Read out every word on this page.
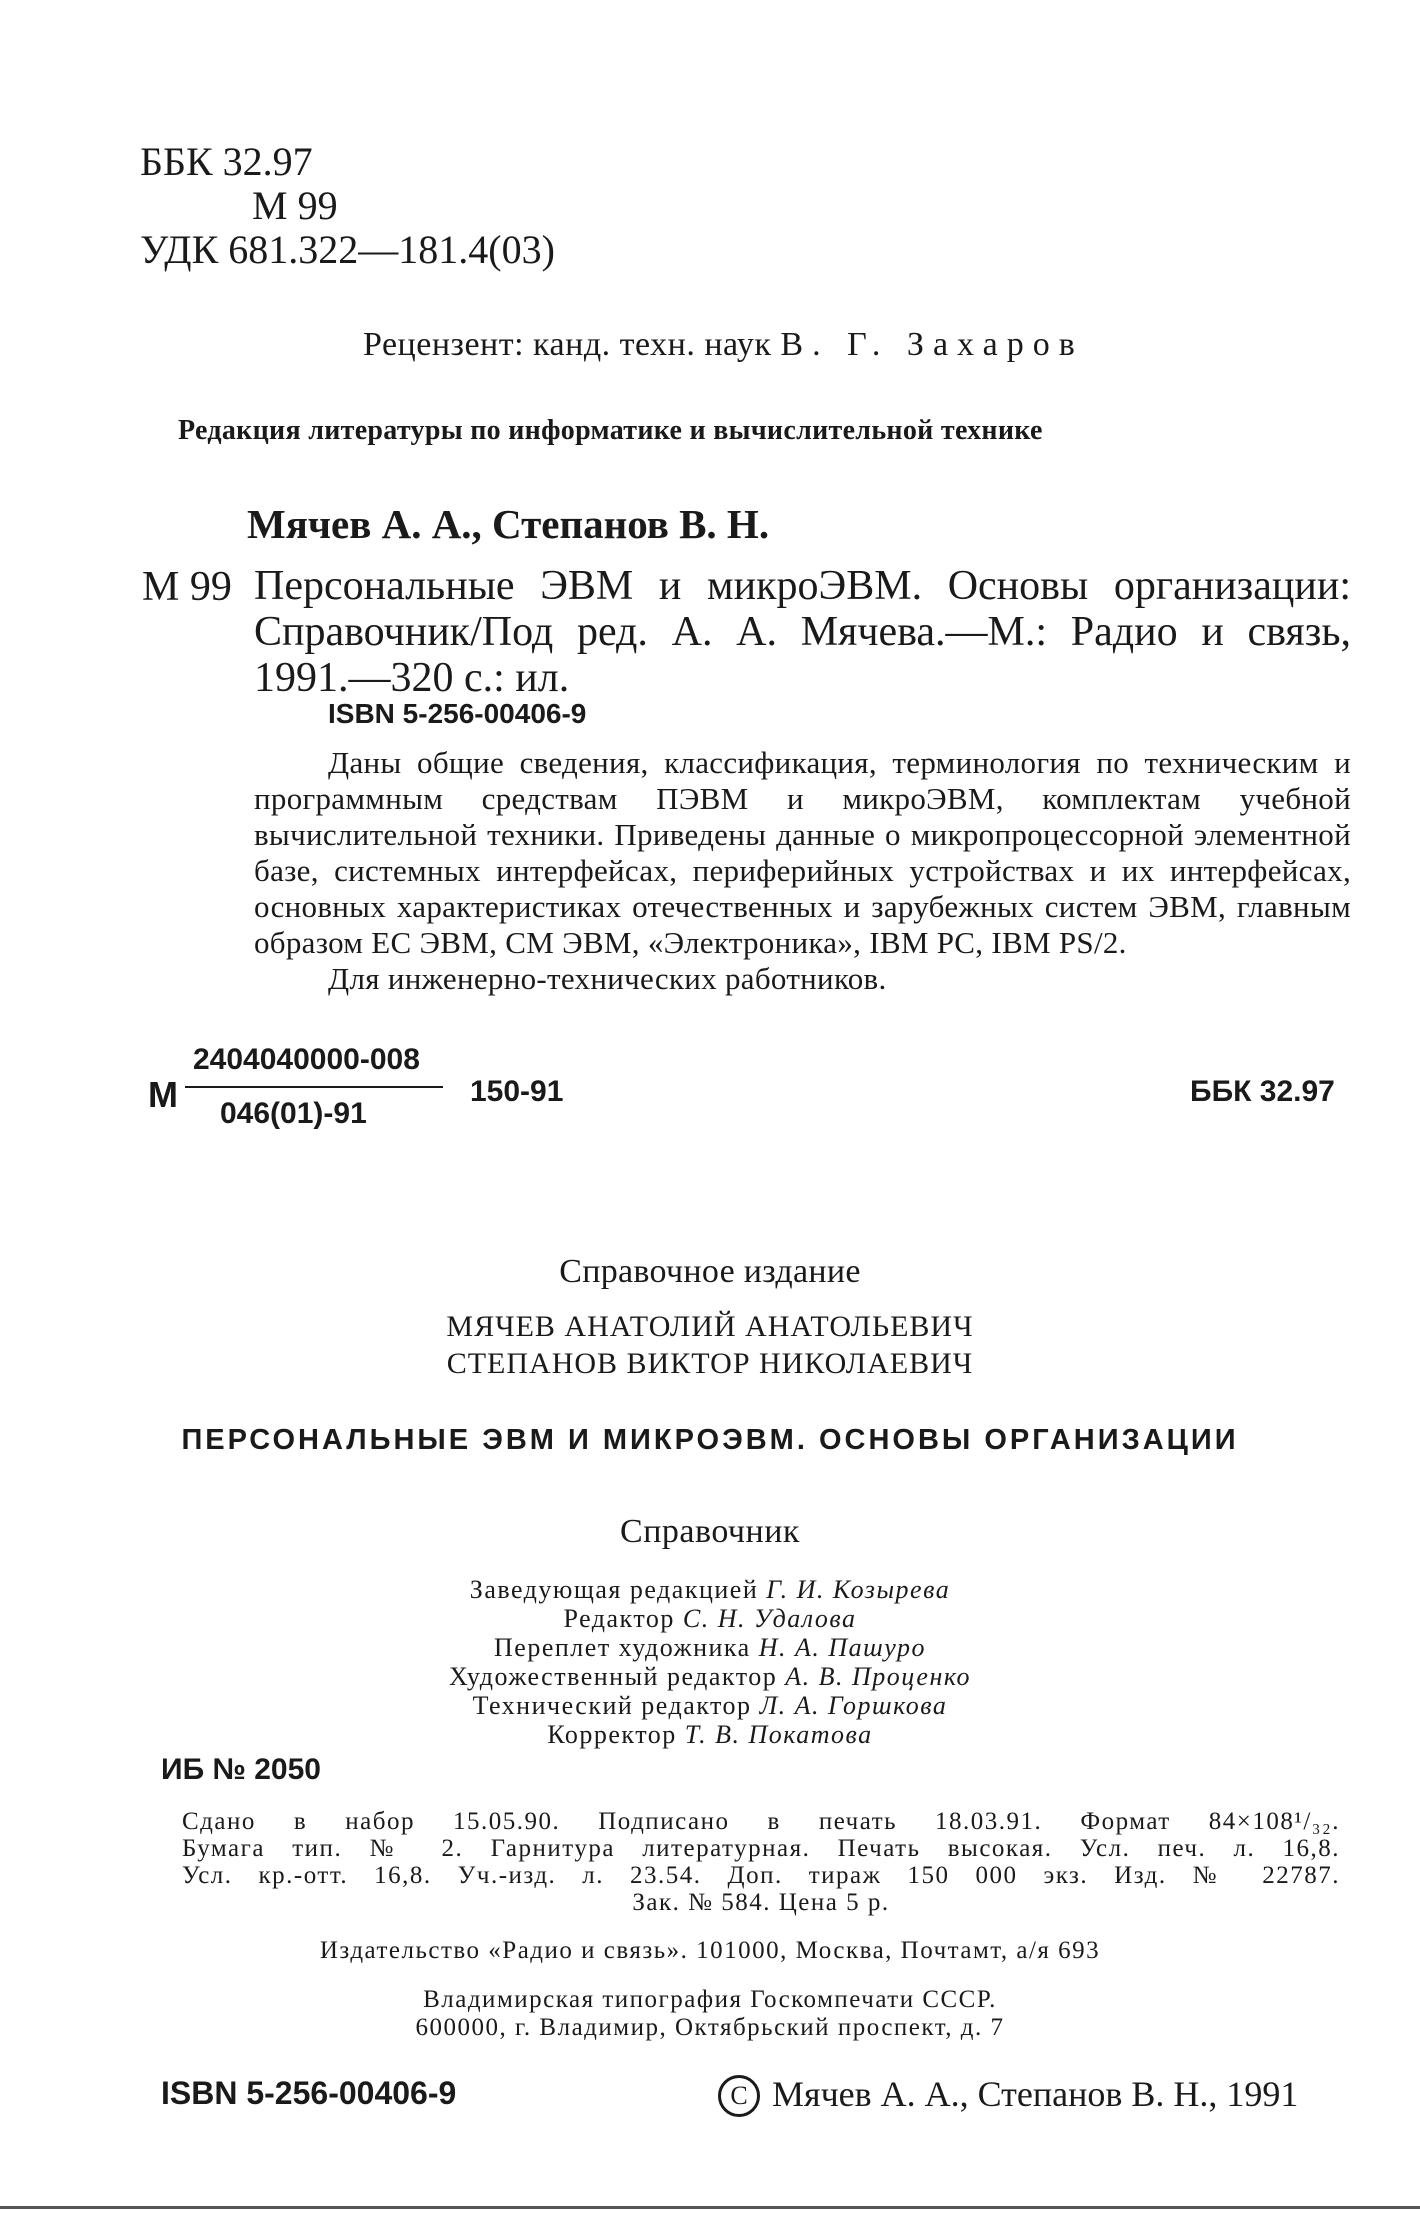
ББК 32.97
М 99
УДК 681.322—181.4(03)
Рецензент: канд. техн. наук В. Г. Захаров
Редакция литературы по информатике и вычислительной технике
Мячев А. А., Степанов В. Н.
М 99 Персональные ЭВМ и микроЭВМ. Основы организации: Справочник/Под ред. А. А. Мячева.—М.: Радио и связь, 1991.—320 с.: ил.
ISBN 5-256-00406-9

Даны общие сведения, классификация, терминология по техническим и программным средствам ПЭВМ и микроЭВМ, комплектам учебной вычислительной техники. Приведены данные о микропроцессорной элементной базе, системных интерфейсах, периферийных устройствах и их интерфейсах, основных характеристиках отечественных и зарубежных систем ЭВМ, главным образом ЕС ЭВМ, СМ ЭВМ, «Электроника», IBM PC, IBM PS/2.

Для инженерно-технических работников.

М
2404040000-008
046(01)-91
150-91	ББК 32.97
Справочное издание
МЯЧЕВ АНАТОЛИЙ АНАТОЛЬЕВИЧ
СТЕПАНОВ ВИКТОР НИКОЛАЕВИЧ
ПЕРСОНАЛЬНЫЕ ЭВМ И МИКРОЭВМ. ОСНОВЫ ОРГАНИЗАЦИИ
Справочник
Заведующая редакцией Г. И. Козырева
Редактор С. Н. Удалова
Переплет художника Н. А. Пашуро
Художественный редактор А. В. Проценко
Технический редактор Л. А. Горшкова
Корректор Т. В. Покатова
ИБ № 2050
Сдано в набор 15.05.90. Подписано в печать 18.03.91. Формат 84×108¹/₃₂.
Бумага тип. № 2. Гарнитура литературная. Печать высокая. Усл. печ. л. 16,8.
Усл. кр.-отт. 16,8. Уч.-изд. л. 23.54. Доп. тираж 150 000 экз. Изд. № 22787.
Зак. № 584. Цена 5 р.
Издательство «Радио и связь». 101000, Москва, Почтамт, а/я 693
Владимирская типография Госкомпечати СССР.
600000, г. Владимир, Октябрьский проспект, д. 7
ISBN 5-256-00406-9	C Мячев А. А., Степанов В. Н., 1991
